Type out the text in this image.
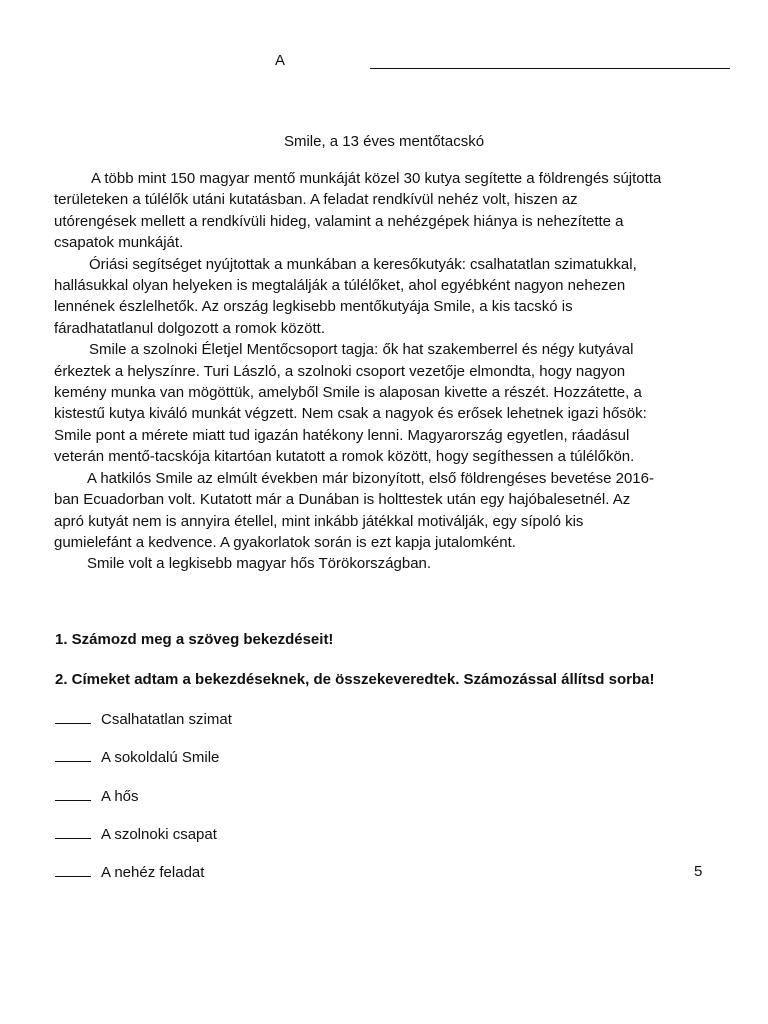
A
Smile, a 13 éves mentőtacskó
A több mint 150 magyar mentő munkáját közel 30 kutya segítette a földrengés sújtotta
területeken a túlélők utáni kutatásban. A feladat rendkívül nehéz volt, hiszen az
utórengések mellett a rendkívüli hideg, valamint a nehézgépek hiánya is nehezítette a
csapatok munkáját.
Óriási segítséget nyújtottak a munkában a keresőkutyák: csalhatatlan szimatukkal,
hallásukkal olyan helyeken is megtalálják a túlélőket, ahol egyébként nagyon nehezen
lennének észlelhetők. Az ország legkisebb mentőkutyája Smile, a kis tacskó is
fáradhatatlanul dolgozott a romok között.
Smile a szolnoki Életjel Mentőcsoport tagja: ők hat szakemberrel és négy kutyával
érkeztek a helyszínre. Turi László, a szolnoki csoport vezetője elmondta, hogy nagyon
kemény munka van mögöttük, amelyből Smile is alaposan kivette a részét. Hozzátette, a
kistestű kutya kiváló munkát végzett. Nem csak a nagyok és erősek lehetnek igazi hősök:
Smile pont a mérete miatt tud igazán hatékony lenni. Magyarország egyetlen, ráadásul
veterán mentő-tacskója kitartóan kutatott a romok között, hogy segíthessen a túlélőkön.
A hatkilós Smile az elmúlt években már bizonyított, első földrengéses bevetése 2016-
ban Ecuadorban volt. Kutatott már a Dunában is holttestek után egy hajóbalesetnél. Az
apró kutyát nem is annyira étellel, mint inkább játékkal motiválják, egy sípoló kis
gumielefánt a kedvence. A gyakorlatok során is ezt kapja jutalomként.
Smile volt a legkisebb magyar hős Törökországban.
1. Számozd meg a szöveg bekezdéseit!
2. Címeket adtam a bekezdéseknek, de összekeveredtek. Számozással állítsd sorba!
Csalhatatlan szimat
A sokoldalú Smile
A hős
A szolnoki csapat
A nehéz feladat	5
